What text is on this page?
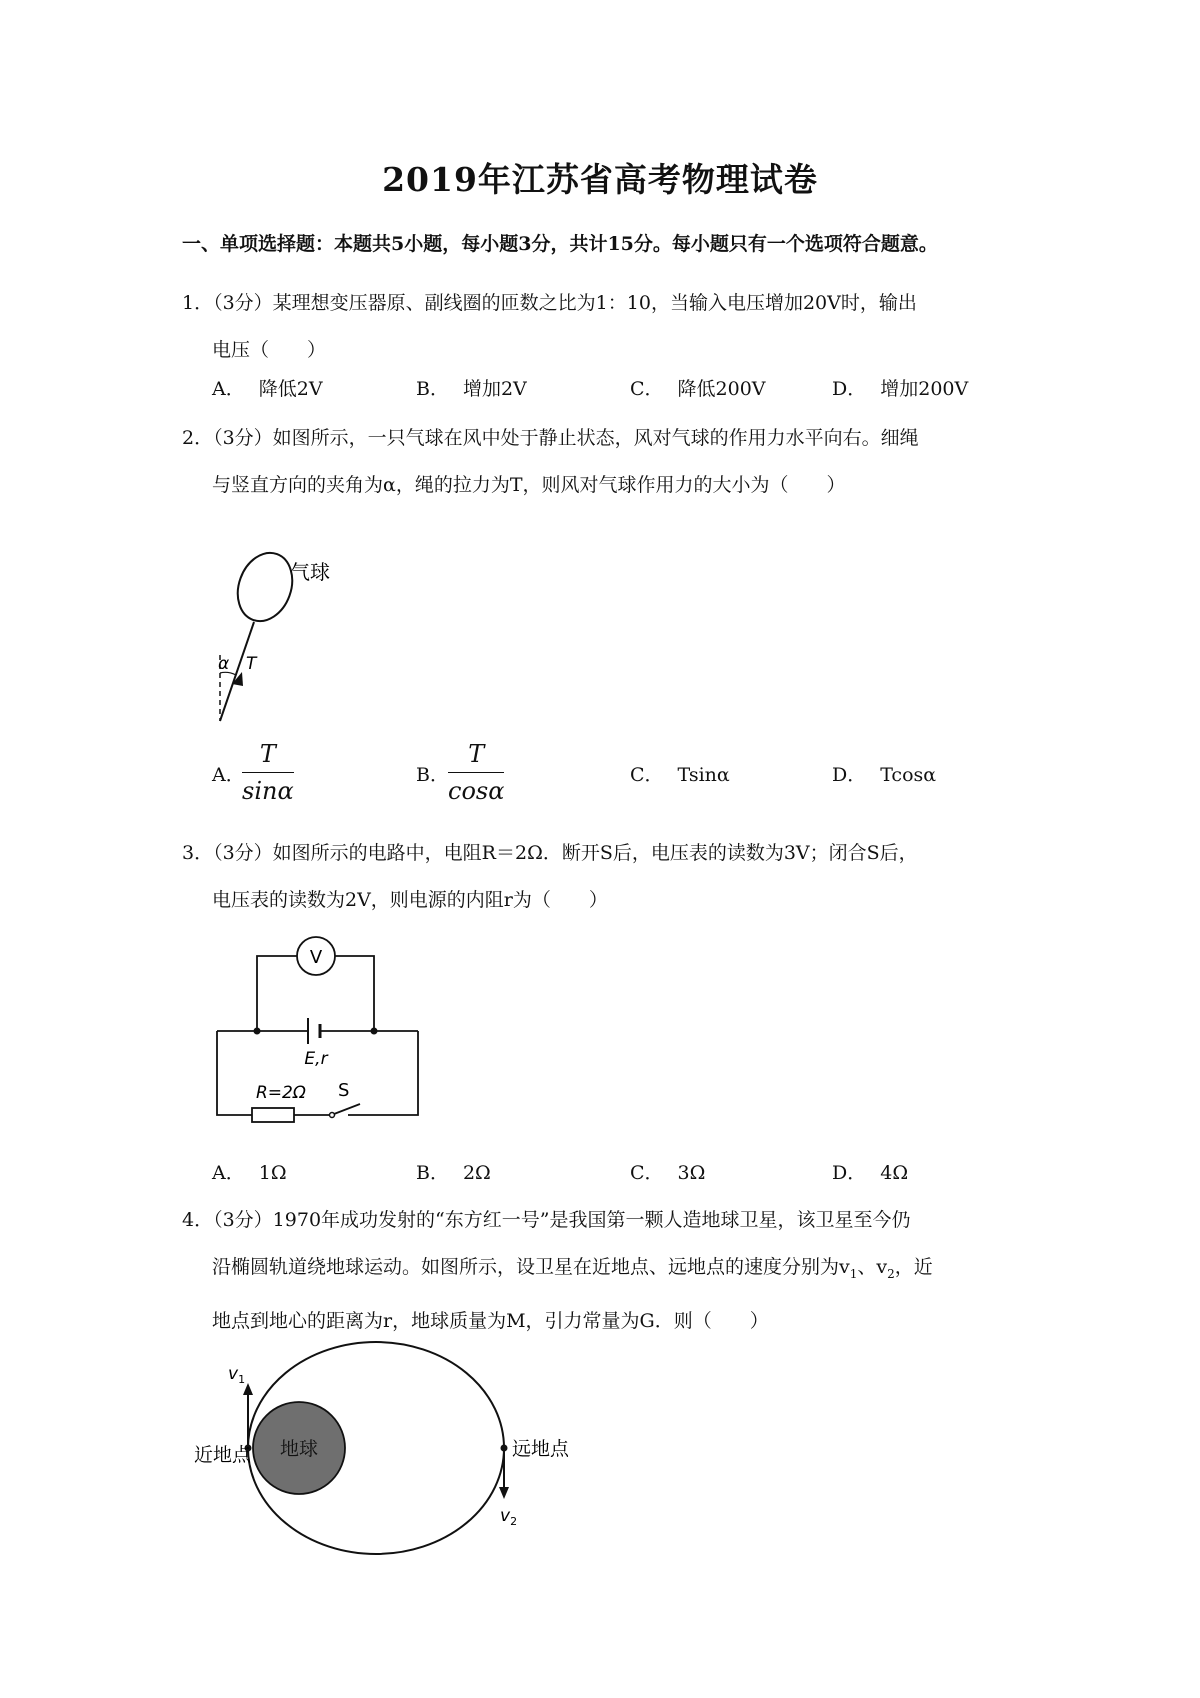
2019年江苏省高考物理试卷
一、单项选择题：本题共5小题，每小题3分，共计15分。每小题只有一个选项符合题意。
1．（3分）某理想变压器原、副线圈的匝数之比为1：10，当输入电压增加20V时，输出
电压（　　）
A． 降低2V	B． 增加2V	C． 降低200V	D． 增加200V
2．（3分）如图所示，一只气球在风中处于静止状态，风对气球的作用力水平向右。细绳
与竖直方向的夹角为α，绳的拉力为T，则风对气球作用力的大小为（　　）
气球
α T
A．	B．	C． Tsinα	D． Tcosα
$\frac{T}{\sin\alpha}$	$\frac{T}{\cos\alpha}$
3．（3分）如图所示的电路中，电阻R＝2Ω．断开S后，电压表的读数为3V；闭合S后，
电压表的读数为2V，则电源的内阻r为（　　）
V
E,r
R=2Ω S
A． 1Ω	B． 2Ω	C． 3Ω	D． 4Ω
4．（3分）1970年成功发射的“东方红一号”是我国第一颗人造地球卫星，该卫星至今仍
沿椭圆轨道绕地球运动。如图所示，设卫星在近地点、远地点的速度分别为$v_1$、$v_2$，近
地点到地心的距离为r，地球质量为M，引力常量为G．则（　　）
地球
$v_1$
近地点
$v_2$
远地点
